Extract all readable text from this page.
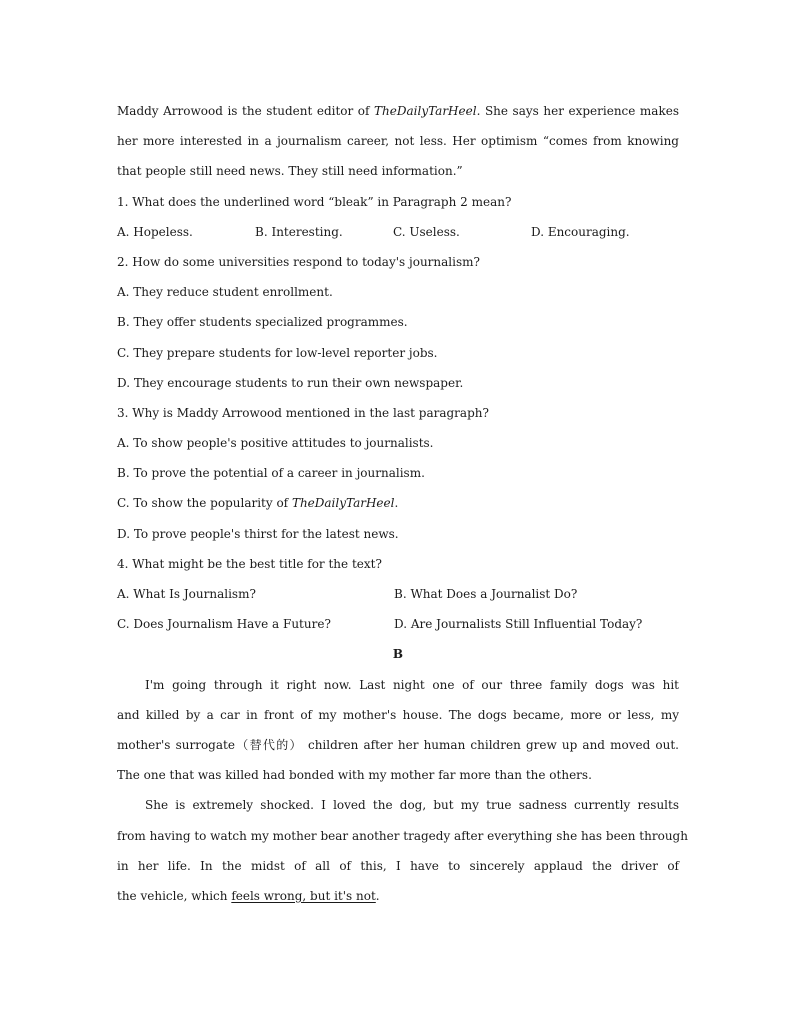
Maddy Arrowood is the student editor of TheDailyTarHeel. She says her experience makes
her more interested in a journalism career, not less. Her optimism “comes from knowing
that people still need news. They still need information.”
1. What does the underlined word “bleak” in Paragraph 2 mean?
A. Hopeless.	B. Interesting.	C. Useless.	D. Encouraging.
2. How do some universities respond to today's journalism?
A. They reduce student enrollment.
B. They offer students specialized programmes.
C. They prepare students for low-level reporter jobs.
D. They encourage students to run their own newspaper.
3. Why is Maddy Arrowood mentioned in the last paragraph?
A. To show people's positive attitudes to journalists.
B. To prove the potential of a career in journalism.
C. To show the popularity of TheDailyTarHeel.
D. To prove people's thirst for the latest news.
4. What might be the best title for the text?
A. What Is Journalism?	B. What Does a Journalist Do?
C. Does Journalism Have a Future?	D. Are Journalists Still Influential Today?
B
I'm going through it right now. Last night one of our three family dogs was hit
and killed by a car in front of my mother's house. The dogs became, more or less, my
mother's surrogate（替代的） children after her human children grew up and moved out.
The one that was killed had bonded with my mother far more than the others.
She is extremely shocked. I loved the dog, but my true sadness currently results
from having to watch my mother bear another tragedy after everything she has been through
in her life. In the midst of all of this, I have to sincerely applaud the driver of
the vehicle, which feels wrong, but it's not.
